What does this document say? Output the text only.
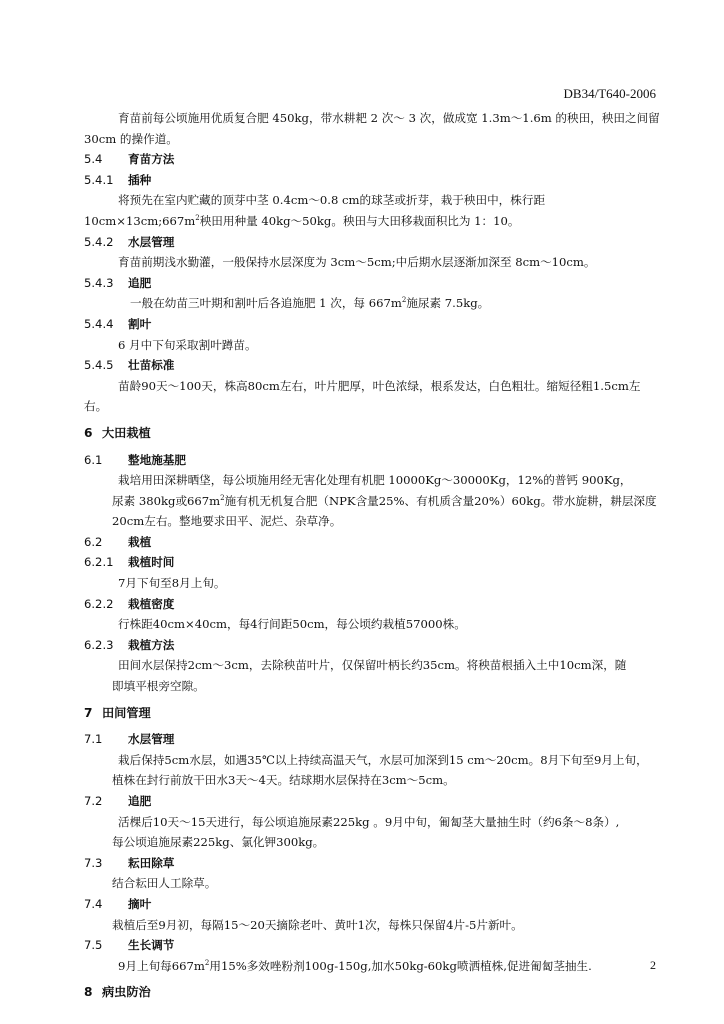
DB34/T640-2006

育苗前每公顷施用优质复合肥 450kg，带水耕耙 2 次～ 3 次，做成宽 1.3m～1.6m 的秧田，秧田之间留 30cm 的操作道。

5.4 育苗方法
5.4.1 插种

将预先在室内贮藏的顶芽中茎 0.4cm～0.8 cm的球茎或折芽，栽于秧田中，株行距 $10cm\times 13cm;667m^2$秧田用种量 40kg～50kg。秧田与大田移栽面积比为 1：10。

5.4.2 水层管理

育苗前期浅水勤灌，一般保持水层深度为 3cm～5cm;中后期水层逐渐加深至 8cm～10cm。

5.4.3 追肥

一般在幼苗三叶期和割叶后各追施肥 1 次，每 $667m^2$施尿素 7.5kg。

5.4.4 割叶

6 月中下旬采取割叶蹲苗。

5.4.5 壮苗标准

苗龄90天～100天，株高80cm左右，叶片肥厚，叶色浓绿，根系发达，白色粗壮。缩短径粗1.5cm左右。

6 大田栽植
6.1 整地施基肥

栽培用田深耕晒垡，每公顷施用经无害化处理有机肥 10000Kg～30000Kg，12%的普钙 900Kg，

尿素 380kg或$667m^2$施有机无机复合肥（NPK含量25%、有机质含量20%）60kg。带水旋耕，耕层深度20cm左右。整地要求田平、泥烂、杂草净。

6.2 栽植
6.2.1 栽植时间

7月下旬至8月上旬。

6.2.2 栽植密度

行株距40cm×40cm，每4行间距50cm，每公顷约栽植57000株。

6.2.3 栽植方法

田间水层保持2cm～3cm，去除秧苗叶片，仅保留叶柄长约35cm。将秧苗根插入土中10cm深，随

即填平根旁空隙。

7 田间管理
7.1 水层管理

栽后保持5cm水层，如遇35℃以上持续高温天气，水层可加深到15 cm～20cm。8月下旬至9月上旬，

植株在封行前放干田水3天～4天。结球期水层保持在3cm～5cm。

7.2 追肥

活棵后10天～15天进行，每公顷追施尿素225kg 。9月中旬，匍匐茎大量抽生时（约6条～8条）,

每公顷追施尿素225kg、氯化钾300kg。

7.3 耘田除草

结合耘田人工除草。

7.4 摘叶

栽植后至9月初，每隔15～20天摘除老叶、黄叶1次，每株只保留4片-5片新叶。

7.5 生长调节

9月上旬每$667m^2$用15%多效唑粉剂100g-150g,加水50kg-60kg喷洒植株,促进匍匐茎抽生.

8 病虫防治
2
